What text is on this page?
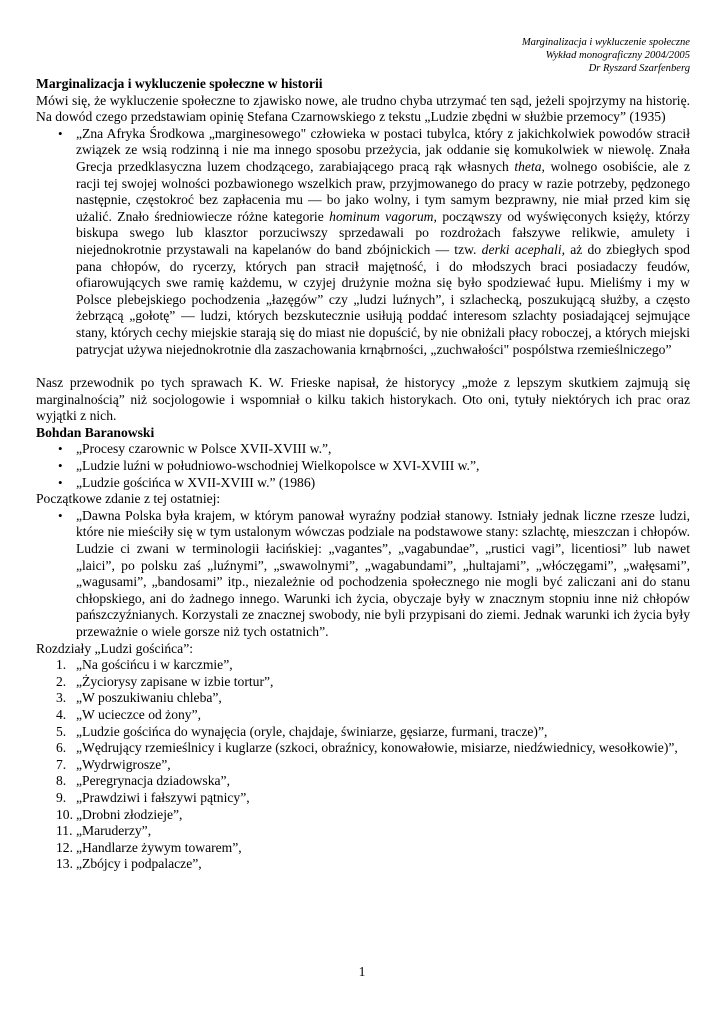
Marginalizacja i wykluczenie społeczne
Wykład monograficzny 2004/2005
Dr Ryszard Szarfenberg

Marginalizacja i wykluczenie społeczne w historii

Mówi się, że wykluczenie społeczne to zjawisko nowe, ale trudno chyba utrzymać ten sąd, jeżeli spojrzymy na historię. Na dowód czego przedstawiam opinię Stefana Czarnowskiego z tekstu „Ludzie zbędni w służbie przemocy” (1935)

• „Zna Afryka Środkowa „marginesowego" człowieka w postaci tubylca, który z jakichkolwiek powodów stracił związek ze wsią rodzinną i nie ma innego sposobu przeżycia, jak oddanie się komukolwiek w niewolę. Znała Grecja przedklasyczna luzem chodzącego, zarabiającego pracą rąk własnych theta, wolnego osobiście, ale z racji tej swojej wolności pozbawionego wszelkich praw, przyjmowanego do pracy w razie potrzeby, pędzonego następnie, częstokroć bez zapłacenia mu — bo jako wolny, i tym samym bezprawny, nie miał przed kim się użalić. Znało średniowiecze różne kategorie hominum vagorum, począwszy od wyświęconych księży, którzy biskupa swego lub klasztor porzuciwszy sprzedawali po rozdrożach fałszywe relikwie, amulety i niejednokrotnie przystawali na kapelanów do band zbójnickich — tzw. derki acephali, aż do zbiegłych spod pana chłopów, do rycerzy, których pan stracił majętność, i do młodszych braci posiadaczy feudów, ofiarowujących swe ramię każdemu, w czyjej drużynie można się było spodziewać łupu. Mieliśmy i my w Polsce plebejskiego pochodzenia „łazęgów” czy „ludzi luźnych”, i szlachecką, poszukującą służby, a często żebrzącą „gołotę” — ludzi, których bezskutecznie usiłują poddać interesom szlachty posiadającej sejmujące stany, których cechy miejskie starają się do miast nie dopuścić, by nie obniżali płacy roboczej, a których miejski patrycjat używa niejednokrotnie dla zaszachowania krnąbrności, „zuchwałości" pospólstwa rzemieślniczego”

Nasz przewodnik po tych sprawach K. W. Frieske napisał, że historycy „może z lepszym skutkiem zajmują się marginalnością” niż socjologowie i wspomniał o kilku takich historykach. Oto oni, tytuły niektórych ich prac oraz wyjątki z nich.

Bohdan Baranowski

• „Procesy czarownic w Polsce XVII-XVIII w.”,
• „Ludzie luźni w południowo-wschodniej Wielkopolsce w XVI-XVIII w.”,
• „Ludzie gościńca w XVII-XVIII w.” (1986)

Początkowe zdanie z tej ostatniej:

• „Dawna Polska była krajem, w którym panował wyraźny podział stanowy. Istniały jednak liczne rzesze ludzi, które nie mieściły się w tym ustalonym wówczas podziale na podstawowe stany: szlachtę, mieszczan i chłopów. Ludzie ci zwani w terminologii łacińskiej: „vagantes”, „vagabundae”, „rustici vagi”, licentiosi” lub nawet „laici”, po polsku zaś „luźnymi”, „swawolnymi”, „wagabundami”, „hultajami”, „włóczęgami”, „wałęsami”, „wagusami”, „bandosami” itp., niezależnie od pochodzenia społecznego nie mogli być zaliczani ani do stanu chłopskiego, ani do żadnego innego. Warunki ich życia, obyczaje były w znacznym stopniu inne niż chłopów pańszczyźnianych. Korzystali ze znacznej swobody, nie byli przypisani do ziemi. Jednak warunki ich życia były przeważnie o wiele gorsze niż tych ostatnich”.

Rozdziały „Ludzi gościńca”:

1. „Na gościńcu i w karczmie”,
2. „Życiorysy zapisane w izbie tortur”,
3. „W poszukiwaniu chleba”,
4. „W ucieczce od żony”,
5. „Ludzie gościńca do wynajęcia (oryle, chajdaje, świniarze, gęsiarze, furmani, tracze)”,
6. „Wędrujący rzemieślnicy i kuglarze (szkoci, obraźnicy, konowałowie, misiarze, niedźwiednicy, wesołkowie)”,
7. „Wydrwigrosze”,
8. „Peregrynacja dziadowska”,
9. „Prawdziwi i fałszywi pątnicy”,
10. „Drobni złodzieje”,
11. „Maruderzy”,
12. „Handlarze żywym towarem”,
13. „Zbójcy i podpalacze”,
1
